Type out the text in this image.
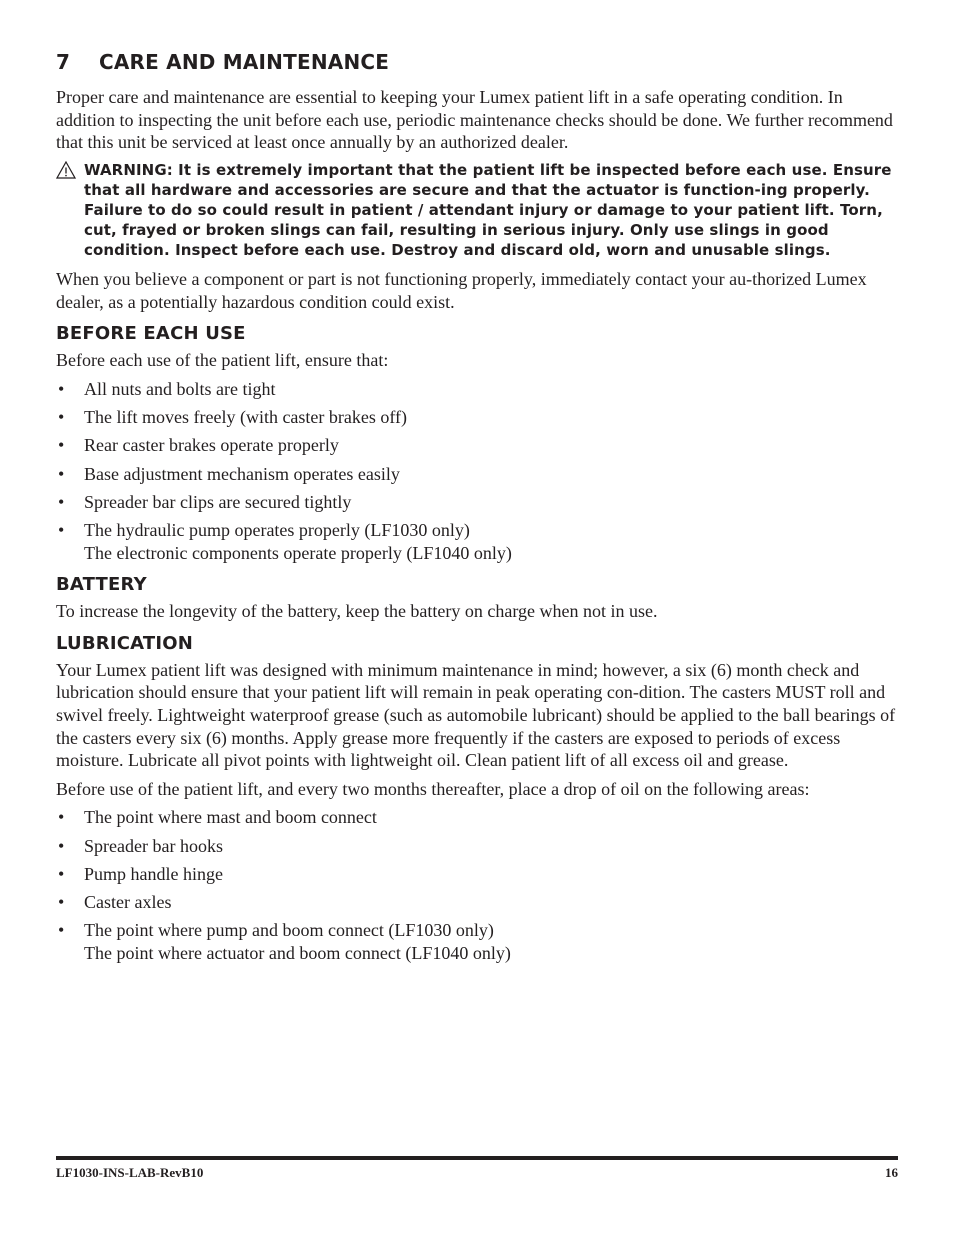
7 CARE AND MAINTENANCE

Proper care and maintenance are essential to keeping your Lumex patient lift in a safe operating condition. In addition to inspecting the unit before each use, periodic maintenance checks should be done. We further recommend that this unit be serviced at least once annually by an authorized dealer.

WARNING: It is extremely important that the patient lift be inspected before each use. Ensure that all hardware and accessories are secure and that the actuator is function-ing properly. Failure to do so could result in patient / attendant injury or damage to your patient lift. Torn, cut, frayed or broken slings can fail, resulting in serious injury. Only use slings in good condition. Inspect before each use. Destroy and discard old, worn and unusable slings.

When you believe a component or part is not functioning properly, immediately contact your au-thorized Lumex dealer, as a potentially hazardous condition could exist.

BEFORE EACH USE

Before each use of the patient lift, ensure that:

• All nuts and bolts are tight
• The lift moves freely (with caster brakes off)
• Rear caster brakes operate properly
• Base adjustment mechanism operates easily
• Spreader bar clips are secured tightly
• The hydraulic pump operates properly (LF1030 only)
The electronic components operate properly (LF1040 only)
BATTERY

To increase the longevity of the battery, keep the battery on charge when not in use.

LUBRICATION

Your Lumex patient lift was designed with minimum maintenance in mind; however, a six (6) month check and lubrication should ensure that your patient lift will remain in peak operating con-dition. The casters MUST roll and swivel freely. Lightweight waterproof grease (such as automobile lubricant) should be applied to the ball bearings of the casters every six (6) months. Apply grease more frequently if the casters are exposed to periods of excess moisture. Lubricate all pivot points with lightweight oil. Clean patient lift of all excess oil and grease.

Before use of the patient lift, and every two months thereafter, place a drop of oil on the following areas:

• The point where mast and boom connect
• Spreader bar hooks
• Pump handle hinge
• Caster axles
• The point where pump and boom connect (LF1030 only)
The point where actuator and boom connect (LF1040 only)
LF1030-INS-LAB-RevB10	16
